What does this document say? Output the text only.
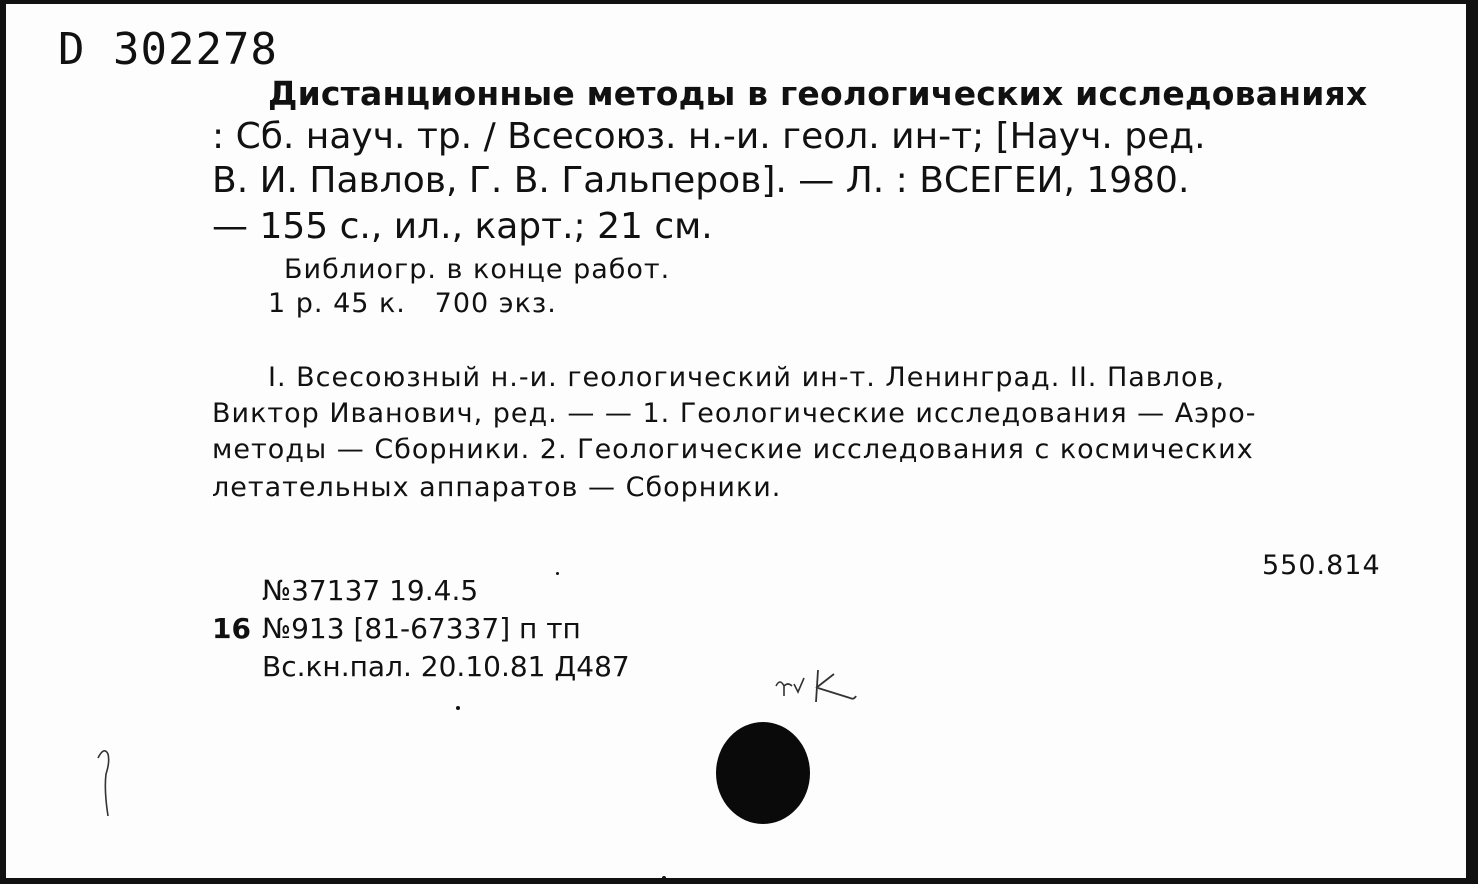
D 302278
Дистанционные методы в геологических исследованиях
: Сб. науч. тр. / Всесоюз. н.-и. геол. ин-т; [Науч. ред.
В. И. Павлов, Г. В. Гальперов]. — Л. : ВСЕГЕИ, 1980.
— 155 с., ил., карт.; 21 см.
Библиогр. в конце работ.
1 р. 45 к.   700 экз.
I. Всесоюзный н.-и. геологический ин-т. Ленинград. II. Павлов,
Виктор Иванович, ред. — — 1. Геологические исследования — Аэро-
методы — Сборники. 2. Геологические исследования с космических
летательных аппаратов — Сборники.
550.814
№37137 19.4.5
16 №913 [81-67337] п тп
Вс.кн.пал. 20.10.81 Д487
